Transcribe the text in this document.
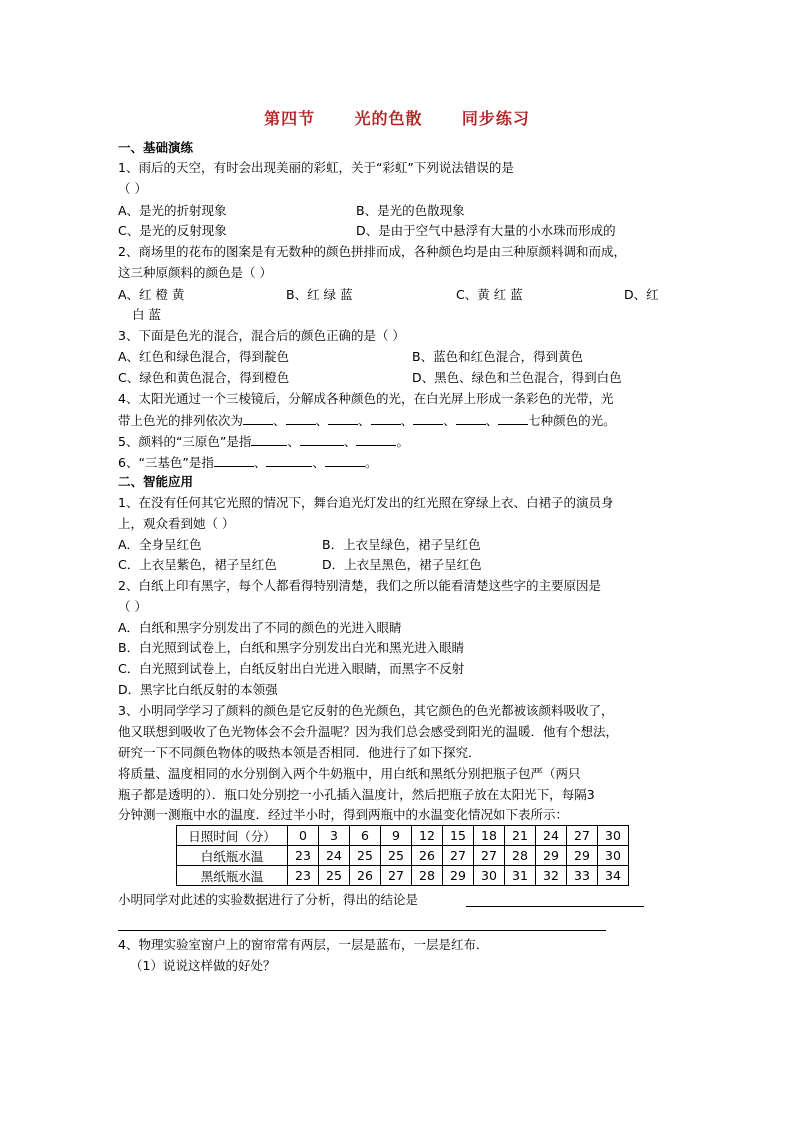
第四节      光的色散      同步练习
一、基础演练
1、雨后的天空，有时会出现美丽的彩虹，关于“彩虹”下列说法错误的是
（ ）
A、是光的折射现象	B、是光的色散现象
C、是光的反射现象	D、是由于空气中悬浮有大量的小水珠而形成的
2、商场里的花布的图案是有无数种的颜色拼排而成，各种颜色均是由三种原颜料调和而成，
这三种原颜料的颜色是（ ）
A、红 橙 黄	B、红 绿 蓝	C、黄 红 蓝	D、红
白 蓝
3、下面是色光的混合，混合后的颜色正确的是（ ）
A、红色和绿色混合，得到靛色	B、蓝色和红色混合，得到黄色
C、绿色和黄色混合，得到橙色	D、黑色、绿色和兰色混合，得到白色
4、太阳光通过一个三棱镜后，分解成各种颜色的光，在白光屏上形成一条彩色的光带，光
带上色光的排列依次为 、 、 、 、 、 、 七种颜色的光。
5、颜料的“三原色”是指	、	、	。
6、“三基色”是指	、	、	。
二、智能应用
1、在没有任何其它光照的情况下，舞台追光灯发出的红光照在穿绿上衣、白裙子的演员身
上，观众看到她（ ）
A．全身呈红色	B．上衣呈绿色，裙子呈红色
C．上衣呈紫色，裙子呈红色	D．上衣呈黑色，裙子呈红色
2、白纸上印有黑字，每个人都看得特别清楚，我们之所以能看清楚这些字的主要原因是
（ ）
A．白纸和黑字分别发出了不同的颜色的光进入眼睛
B．白光照到试卷上，白纸和黑字分别发出白光和黑光进入眼睛
C．白光照到试卷上，白纸反射出白光进入眼睛，而黑字不反射
D．黑字比白纸反射的本领强
3、小明同学学习了颜料的颜色是它反射的色光颜色，其它颜色的色光都被该颜料吸收了，
他又联想到吸收了色光物体会不会升温呢？因为我们总会感受到阳光的温暖．他有个想法，
研究一下不同颜色物体的吸热本领是否相同．他进行了如下探究．
将质量、温度相同的水分别倒入两个牛奶瓶中，用白纸和黑纸分别把瓶子包严（两只
瓶子都是透明的）．瓶口处分别挖一小孔插入温度计，然后把瓶子放在太阳光下，每隔3
分钟测一测瓶中水的温度．经过半小时，得到两瓶中的水温变化情况如下表所示：
日照时间（分）	0	3	6	9	12	15	18	21	24	27	30
白纸瓶水温	23	24	25	25	26	27	27	28	29	29	30
黑纸瓶水温	23	25	26	27	28	29	30	31	32	33	34
小明同学对此述的实验数据进行了分析，得出的结论是
4、物理实验室窗户上的窗帘常有两层，一层是蓝布，一层是红布．
（1）说说这样做的好处？
